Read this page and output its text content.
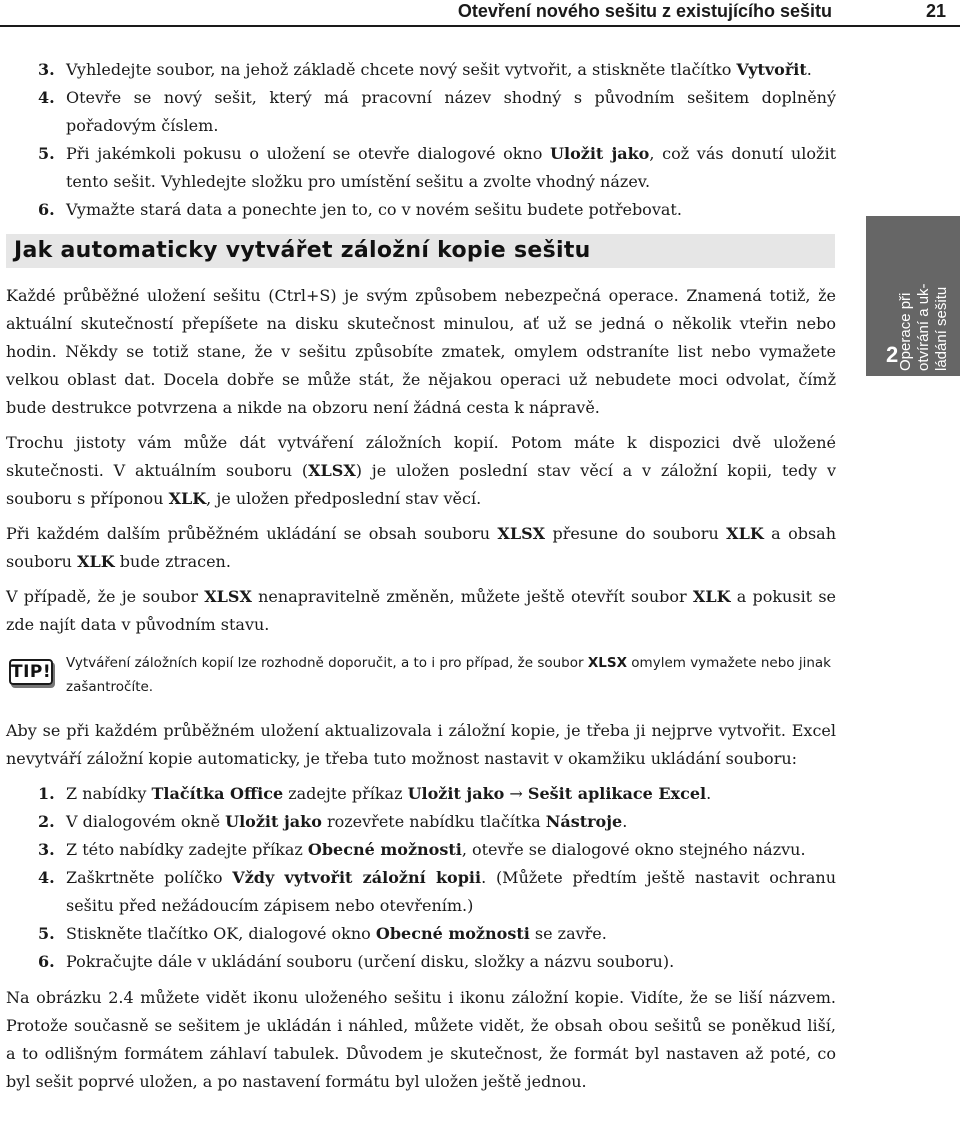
Otevření nového sešitu z existujícího sešitu	21
2
Operace při
otvírání a uk-
ládání sešitu
3. Vyhledejte soubor, na jehož základě chcete nový sešit vytvořit, a stiskněte tlačítko Vytvořit.
4. Otevře se nový sešit, který má pracovní název shodný s původním sešitem doplněný pořadovým číslem.
5. Při jakémkoli pokusu o uložení se otevře dialogové okno Uložit jako, což vás donutí uložit tento sešit. Vyhledejte složku pro umístění sešitu a zvolte vhodný název.
6. Vymažte stará data a ponechte jen to, co v novém sešitu budete potřebovat.
Jak automaticky vytvářet záložní kopie sešitu

Každé průběžné uložení sešitu (Ctrl+S) je svým způsobem nebezpečná operace. Znamená totiž, že aktuální skutečností přepíšete na disku skutečnost minulou, ať už se jedná o několik vteřin nebo hodin. Někdy se totiž stane, že v sešitu způsobíte zmatek, omylem odstraníte list nebo vymažete velkou oblast dat. Docela dobře se může stát, že nějakou operaci už nebudete moci odvolat, čímž bude destrukce potvrzena a nikde na obzoru není žádná cesta k nápravě.

Trochu jistoty vám může dát vytváření záložních kopií. Potom máte k dispozici dvě uložené skutečnosti. V aktuálním souboru (XLSX) je uložen poslední stav věcí a v záložní kopii, tedy v souboru s příponou XLK, je uložen předposlední stav věcí.

Při každém dalším průběžném ukládání se obsah souboru XLSX přesune do souboru XLK a obsah souboru XLK bude ztracen.

V případě, že je soubor XLSX nenapravitelně změněn, můžete ještě otevřít soubor XLK a pokusit se zde najít data v původním stavu.

TIP! Vytváření záložních kopií lze rozhodně doporučit, a to i pro případ, že soubor XLSX omylem vymažete nebo jinak zašantročíte.

Aby se při každém průběžném uložení aktualizovala i záložní kopie, je třeba ji nejprve vytvořit. Excel nevytváří záložní kopie automaticky, je třeba tuto možnost nastavit v okamžiku ukládání souboru:

1. Z nabídky Tlačítka Office zadejte příkaz Uložit jako → Sešit aplikace Excel.
2. V dialogovém okně Uložit jako rozevřete nabídku tlačítka Nástroje.
3. Z této nabídky zadejte příkaz Obecné možnosti, otevře se dialogové okno stejného názvu.
4. Zaškrtněte políčko Vždy vytvořit záložní kopii. (Můžete předtím ještě nastavit ochranu sešitu před nežádoucím zápisem nebo otevřením.)
5. Stiskněte tlačítko OK, dialogové okno Obecné možnosti se zavře.
6. Pokračujte dále v ukládání souboru (určení disku, složky a názvu souboru).

Na obrázku 2.4 můžete vidět ikonu uloženého sešitu i ikonu záložní kopie. Vidíte, že se liší názvem. Protože současně se sešitem je ukládán i náhled, můžete vidět, že obsah obou sešitů se poněkud liší, a to odlišným formátem záhlaví tabulek. Důvodem je skutečnost, že formát byl nastaven až poté, co byl sešit poprvé uložen, a po nastavení formátu byl uložen ještě jednou.
